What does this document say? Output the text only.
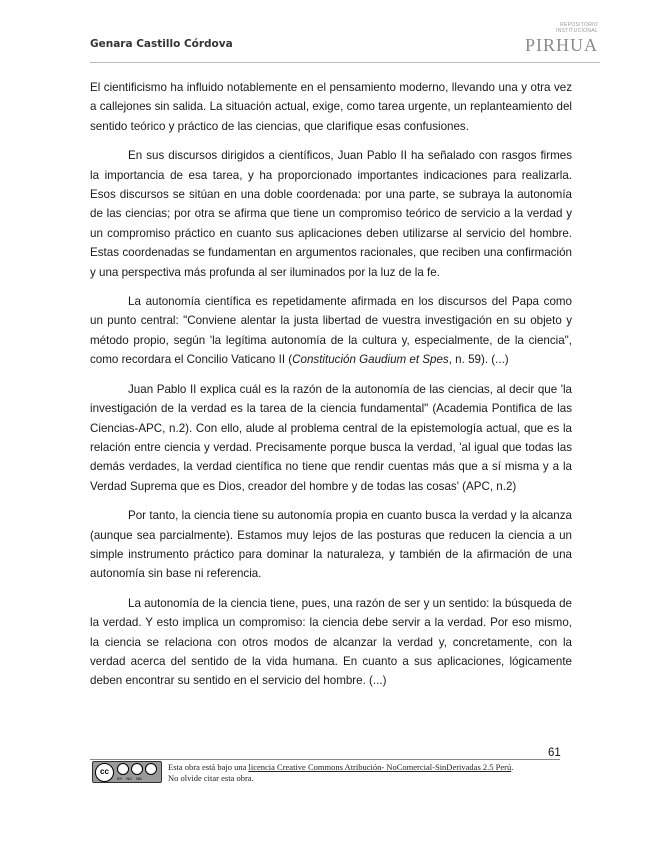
Genara Castillo Córdova
REPOSITORIO INSTITUCIONAL
PIRHUA

El cientificismo ha influido notablemente en el pensamiento moderno, llevando una y otra vez a callejones sin salida. La situación actual, exige, como tarea urgente, un replanteamiento del sentido teórico y práctico de las ciencias, que clarifique esas confusiones.

En sus discursos dirigidos a científicos, Juan Pablo II ha señalado con rasgos firmes la importancia de esa tarea, y ha proporcionado importantes indicaciones para realizarla. Esos discursos se sitúan en una doble coordenada: por una parte, se subraya la autonomía de las ciencias; por otra se afirma que tiene un compromiso teórico de servicio a la verdad y un compromiso práctico en cuanto sus aplicaciones deben utilizarse al servicio del hombre. Estas coordenadas se fundamentan en argumentos racionales, que reciben una confirmación y una perspectiva más profunda al ser iluminados por la luz de la fe.

La autonomía científica es repetidamente afirmada en los discursos del Papa como un punto central: "Conviene alentar la justa libertad de vuestra investigación en su objeto y método propio, según 'la legítima autonomía de la cultura y, especialmente, de la ciencia", como recordara el Concilio Vaticano II (Constitución Gaudium et Spes, n. 59). (...)

Juan Pablo II explica cuál es la razón de la autonomía de las ciencias, al decir que 'la investigación de la verdad es la tarea de la ciencia fundamental" (Academia Pontifica de las Ciencias-APC, n.2). Con ello, alude al problema central de la epistemología actual, que es la relación entre ciencia y verdad. Precisamente porque busca la verdad, 'al igual que todas las demás verdades, la verdad científica no tiene que rendir cuentas más que a sí misma y a la Verdad Suprema que es Dios, creador del hombre y de todas las cosas' (APC, n.2)

Por tanto, la ciencia tiene su autonomía propia en cuanto busca la verdad y la alcanza (aunque sea parcialmente). Estamos muy lejos de las posturas que reducen la ciencia a un simple instrumento práctico para dominar la naturaleza, y también de la afirmación de una autonomía sin base ni referencia.

La autonomía de la ciencia tiene, pues, una razón de ser y un sentido: la búsqueda de la verdad. Y esto implica un compromiso: la ciencia debe servir a la verdad. Por eso mismo, la ciencia se relaciona con otros modos de alcanzar la verdad y, concretamente, con la verdad acerca del sentido de la vida humana. En cuanto a sus aplicaciones, lógicamente deben encontrar su sentido en el servicio del hombre. (...)

61
cc
BY NC ND
Esta obra está bajo una licencia Creative Commons Atribución- NoComercial-SinDerivadas 2.5 Perú.
No olvide citar esta obra.
